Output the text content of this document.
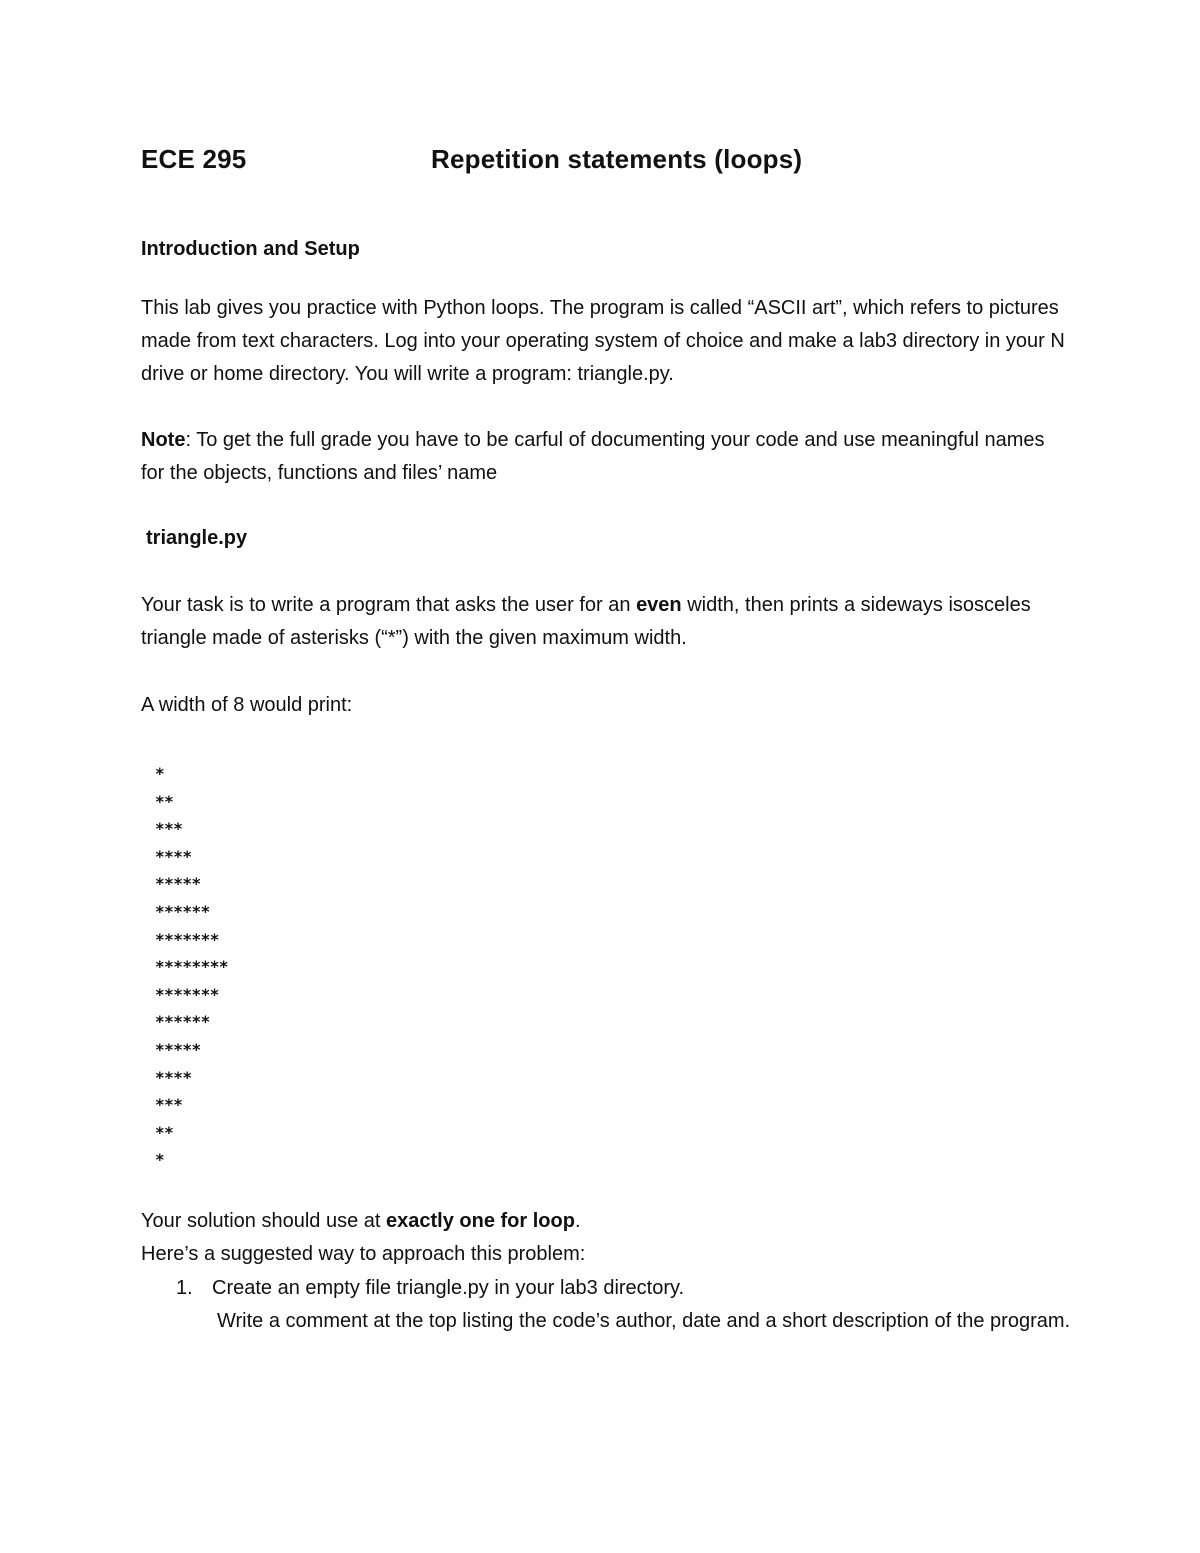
ECE 295	Repetition statements (loops)
Introduction and Setup
This lab gives you practice with Python loops. The program is called “ASCII art”, which refers to pictures made from text characters. Log into your operating system of choice and make a lab3 directory in your N drive or home directory. You will write a program: triangle.py.
Note: To get the full grade you have to be carful of documenting your code and use meaningful names for the objects, functions and files’ name
triangle.py
Your task is to write a program that asks the user for an even width, then prints a sideways isosceles triangle made of asterisks (“*”) with the given maximum width.
A width of 8 would print:
*
**
***
****
*****
******
*******
********
*******
******
*****
****
***
**
*
Your solution should use at exactly one for loop.
Here’s a suggested way to approach this problem:
1. Create an empty file triangle.py in your lab3 directory.
Write a comment at the top listing the code’s author, date and a short description of the program.
